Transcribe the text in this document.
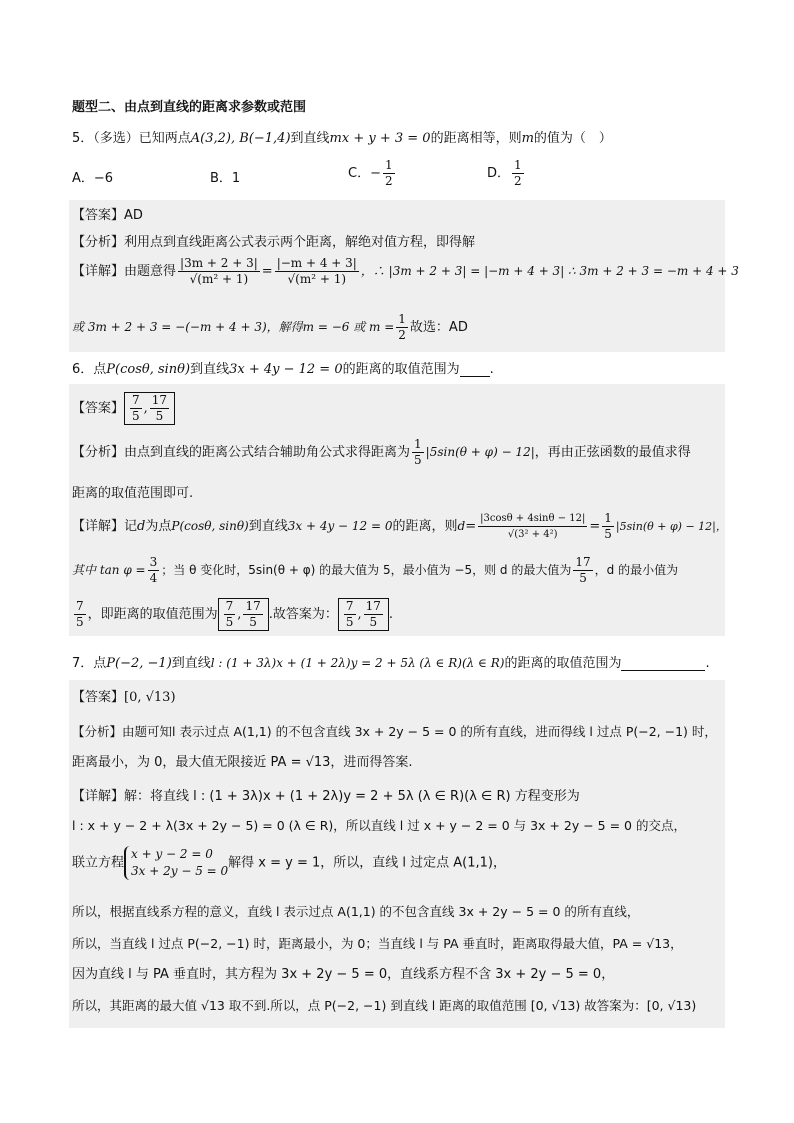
题型二、由点到直线的距离求参数或范围
5．（多选）已知两点A(3,2), B(−1,4)到直线mx + y + 3 = 0的距离相等，则m的值为（　）
A．−6	B．1	C．− $\frac{1}{2}$	D． $\frac{1}{2}$
【答案】AD
【分析】利用点到直线距离公式表示两个距离，解绝对值方程，即得解
【详解】由题意得 $\frac{|3m + 2 + 3|}{\text{√(m² + 1)}} = \frac{|-m + 4 + 3|}{\text{√(m² + 1)}}$ ，∴ |3m + 2 + 3| = |−m + 4 + 3| ∴ 3m + 2 + 3 = −m + 4 + 3
或 3m + 2 + 3 = −(−m + 4 + 3)，解得m = −6 或 $m = \frac{1}{2}$ 故选：AD
6．点P(cosθ, sinθ)到直线3x + 4y − 12 = 0的距离的取值范围为 .
【答案】
7
5 ,
17
5
【分析】由点到直线的距离公式结合辅助角公式求得距离为 $\frac{1}{5} |5\sin(\theta + \varphi) - 12|$，再由正弦函数的最值求得
距离的取值范围即可.
【详解】记d为点P(cosθ, sinθ)到直线3x + 4y − 12 = 0的距离，则$d= \frac{|3\cos\theta + 4\sin\theta - 12|}{\text{√(3² + 4²)}} = \frac{1}{5} |5\sin(\theta + \varphi) - 12|$，
其中 $\tan \varphi = \frac{3}{4}$ ；当 θ 变化时，5sin(θ + φ) 的最大值为 5，最小值为 −5，则 d 的最大值为 $\frac{17}{5}$ ，d 的最小值为
$\frac{7}{5}$ ，即距离的取值范围为
7
5 ,
17
5 .故答案为：
7
5 ,
17
5 .
7．点P(−2, −1)到直线l : (1 + 3λ)x + (1 + 2λ)y = 2 + 5λ (λ ∈ R)(λ ∈ R)的距离的取值范围为	.
【答案】[0, √13)
【分析】由题可知l 表示过点 A(1,1) 的不包含直线 3x + 2y − 5 = 0 的所有直线，进而得线 l 过点 P(−2, −1) 时，
距离最小，为 0，最大值无限接近 PA = √13，进而得答案.
【详解】解：将直线 l : (1 + 3λ)x + (1 + 2λ)y = 2 + 5λ (λ ∈ R)(λ ∈ R) 方程变形为
l : x + y − 2 + λ(3x + 2y − 5) = 0 (λ ∈ R)，所以直线 l 过 x + y − 2 = 0 与 3x + 2y − 5 = 0 的交点，
联立方程
x + y − 2 = 0
3x + 2y − 5 = 0
解得 x = y = 1，所以，直线 l 过定点 A(1,1)，
所以，根据直线系方程的意义，直线 l 表示过点 A(1,1) 的不包含直线 3x + 2y − 5 = 0 的所有直线，
所以，当直线 l 过点 P(−2, −1) 时，距离最小，为 0；当直线 l 与 PA 垂直时，距离取得最大值，PA = √13，
因为直线 l 与 PA 垂直时，其方程为 3x + 2y − 5 = 0，直线系方程不含 3x + 2y − 5 = 0，
所以，其距离的最大值 √13 取不到.所以，点 P(−2, −1) 到直线 l 距离的取值范围 [0, √13) 故答案为：[0, √13)
